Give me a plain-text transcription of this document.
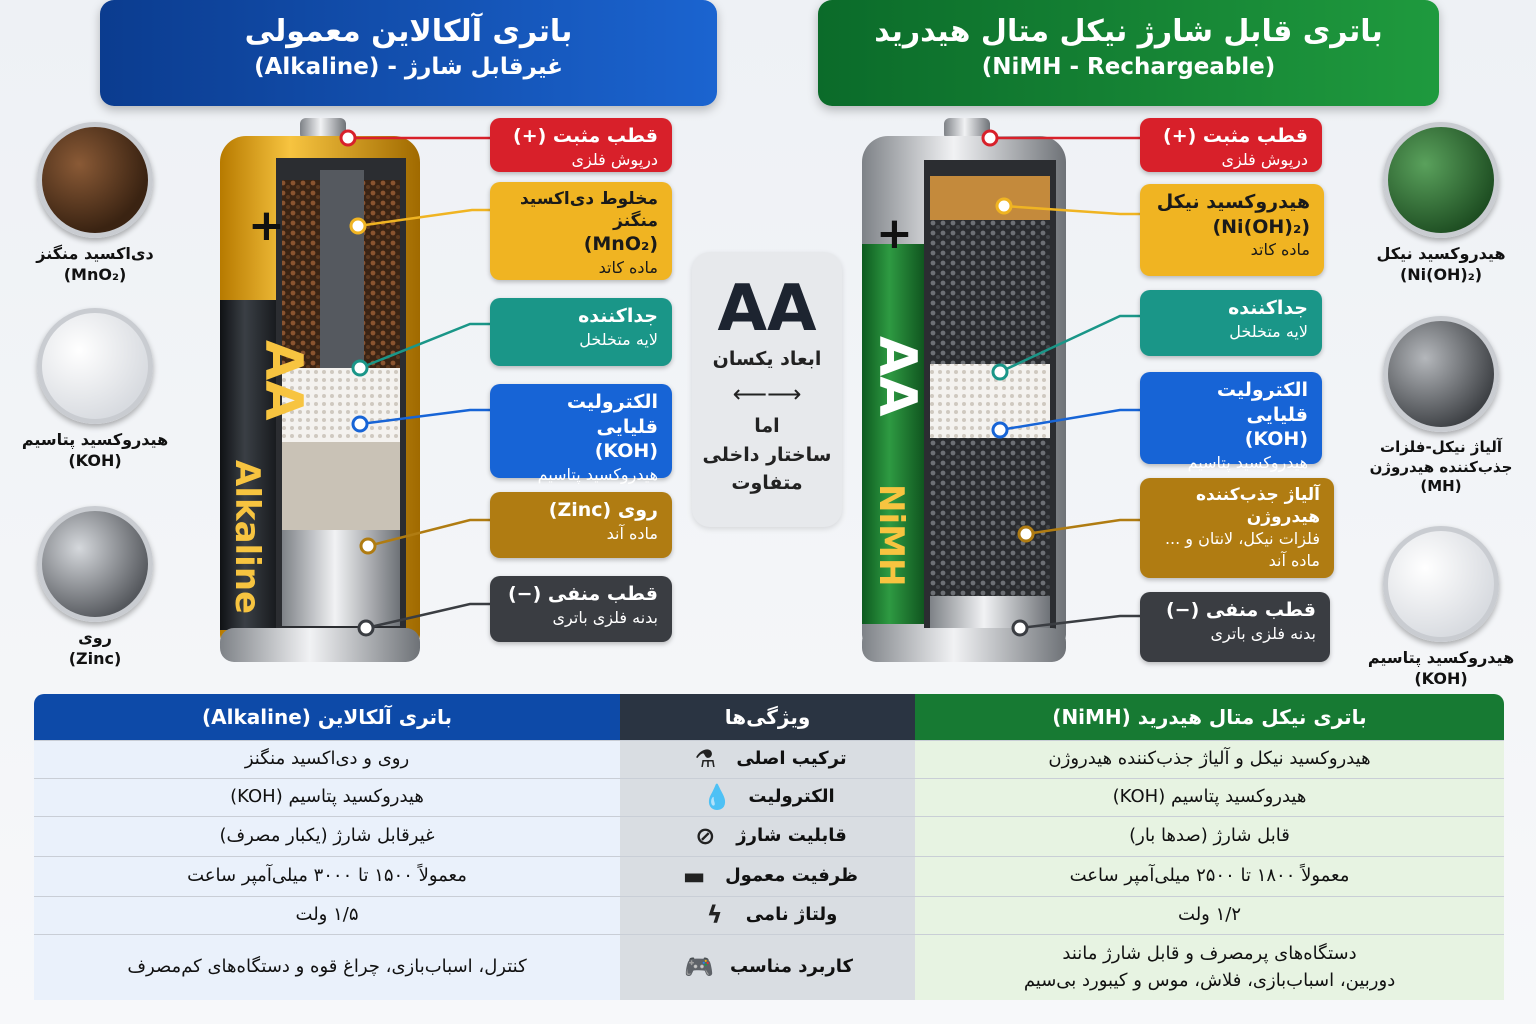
باتری آلکالاین معمولی
(Alkaline) - غیرقابل شارژ
باتری قابل شارژ نیکل متال هیدرید
(NiMH - Rechargeable)
دی‌اکسید منگنز
(MnO₂)
هیدروکسید پتاسیم
(KOH)
روی
(Zinc)
هیدروکسید نیکل
(Ni(OH)₂)
آلیاژ نیکل-فلزات جذب‌کننده هیدروژن
(MH)
هیدروکسید پتاسیم
(KOH)
+
AA
Alkaline
+
AA
NiMH
قطب مثبت (+)
درپوش فلزی
مخلوط دی‌اکسید منگنز
(MnO₂)
ماده کاتد
جداکننده
لایه متخلخل
الکترولیت قلیایی
(KOH)
هیدروکسید پتاسیم
روی (Zinc)
ماده آند
قطب منفی (−)
بدنه فلزی باتری
قطب مثبت (+)
درپوش فلزی
هیدروکسید نیکل
(Ni(OH)₂)
ماده کاتد
جداکننده
لایه متخلخل
الکترولیت قلیایی
(KOH)
هیدروکسید پتاسیم
آلیاژ جذب‌کننده هیدروژن
فلزات نیکل، لانتان و ...
ماده آند
قطب منفی (−)
بدنه فلزی باتری
AA
ابعاد یکسان
⟵⟶
اما
ساختار داخلی
متفاوت
باتری آلکالاین (Alkaline)
روی و دی‌اکسید منگنز
هیدروکسید پتاسیم (KOH)
غیرقابل شارژ (یکبار مصرف)
معمولاً ۱۵۰۰ تا ۳۰۰۰ میلی‌آمپر ساعت
۱/۵ ولت
کنترل، اسباب‌بازی، چراغ قوه و دستگاه‌های کم‌مصرف
ویژگی‌ها
ترکیب اصلی
⚗
الکترولیت
💧
قابلیت شارژ
⊘
ظرفیت معمول
▬
ولتاژ نامی
ϟ
کاربرد مناسب
🎮
باتری نیکل متال هیدرید (NiMH)
هیدروکسید نیکل و آلیاژ جذب‌کننده هیدروژن
هیدروکسید پتاسیم (KOH)
قابل شارژ (صدها بار)
معمولاً ۱۸۰۰ تا ۲۵۰۰ میلی‌آمپر ساعت
۱/۲ ولت
دستگاه‌های پرمصرف و قابل شارژ مانند
دوربین، اسباب‌بازی، فلاش، موس و کیبورد بی‌سیم
